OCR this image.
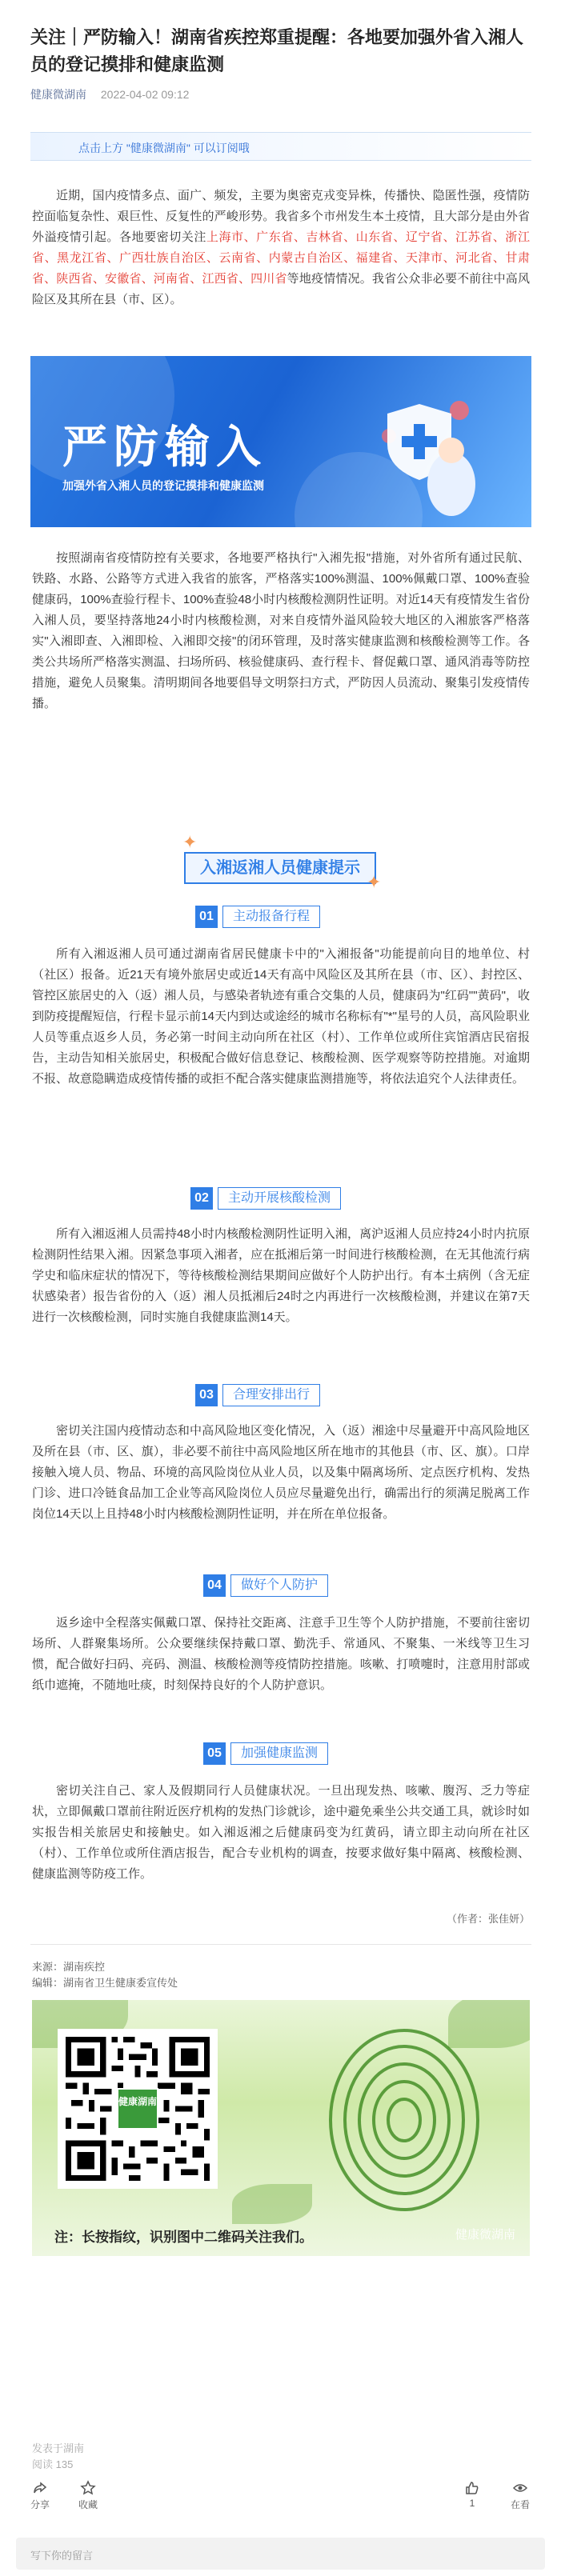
关注｜严防输入！湖南省疾控郑重提醒：各地要加强外省入湘人员的登记摸排和健康监测
健康微湖南 2022-04-02 09:12
点击上方 "健康微湖南" 可以订阅哦

近期，国内疫情多点、面广、频发，主要为奥密克戎变异株，传播快、隐匿性强，疫情防控面临复杂性、艰巨性、反复性的严峻形势。我省多个市州发生本土疫情，且大部分是由外省外溢疫情引起。各地要密切关注上海市、广东省、吉林省、山东省、辽宁省、江苏省、浙江省、黑龙江省、广西壮族自治区、云南省、内蒙古自治区、福建省、天津市、河北省、甘肃省、陕西省、安徽省、河南省、江西省、四川省等地疫情情况。我省公众非必要不前往中高风险区及其所在县（市、区）。

严防输入
加强外省入湘人员的登记摸排和健康监测

按照湖南省疫情防控有关要求，各地要严格执行"入湘先报"措施，对外省所有通过民航、铁路、水路、公路等方式进入我省的旅客，严格落实100%测温、100%佩戴口罩、100%查验健康码，100%查验行程卡、100%查验48小时内核酸检测阴性证明。对近14天有疫情发生省份入湘人员，要坚持落地24小时内核酸检测，对来自疫情外溢风险较大地区的入湘旅客严格落实"入湘即查、入湘即检、入湘即交接"的闭环管理，及时落实健康监测和核酸检测等工作。各类公共场所严格落实测温、扫场所码、核验健康码、查行程卡、督促戴口罩、通风消毒等防控措施，避免人员聚集。清明期间各地要倡导文明祭扫方式，严防因人员流动、聚集引发疫情传播。

✦
入湘返湘人员健康提示
✦
01	主动报备行程

所有入湘返湘人员可通过湖南省居民健康卡中的"入湘报备"功能提前向目的地单位、村（社区）报备。近21天有境外旅居史或近14天有高中风险区及其所在县（市、区）、封控区、管控区旅居史的入（返）湘人员，与感染者轨迹有重合交集的人员，健康码为"红码""黄码"，收到防疫提醒短信，行程卡显示前14天内到达或途经的城市名称标有"*"星号的人员，高风险职业人员等重点返乡人员，务必第一时间主动向所在社区（村）、工作单位或所住宾馆酒店民宿报告，主动告知相关旅居史，积极配合做好信息登记、核酸检测、医学观察等防控措施。对逾期不报、故意隐瞒造成疫情传播的或拒不配合落实健康监测措施等，将依法追究个人法律责任。

02	主动开展核酸检测

所有入湘返湘人员需持48小时内核酸检测阴性证明入湘，离沪返湘人员应持24小时内抗原检测阴性结果入湘。因紧急事项入湘者，应在抵湘后第一时间进行核酸检测，在无其他流行病学史和临床症状的情况下，等待核酸检测结果期间应做好个人防护出行。有本土病例（含无症状感染者）报告省份的入（返）湘人员抵湘后24时之内再进行一次核酸检测，并建议在第7天进行一次核酸检测，同时实施自我健康监测14天。

03	合理安排出行

密切关注国内疫情动态和中高风险地区变化情况，入（返）湘途中尽量避开中高风险地区及所在县（市、区、旗），非必要不前往中高风险地区所在地市的其他县（市、区、旗）。口岸接触入境人员、物品、环境的高风险岗位从业人员，以及集中隔离场所、定点医疗机构、发热门诊、进口冷链食品加工企业等高风险岗位人员应尽量避免出行，确需出行的须满足脱离工作岗位14天以上且持48小时内核酸检测阴性证明，并在所在单位报备。

04	做好个人防护

返乡途中全程落实佩戴口罩、保持社交距离、注意手卫生等个人防护措施，不要前往密切场所、人群聚集场所。公众要继续保持戴口罩、勤洗手、常通风、不聚集、一米线等卫生习惯，配合做好扫码、亮码、测温、核酸检测等疫情防控措施。咳嗽、打喷嚏时，注意用肘部或纸巾遮掩，不随地吐痰，时刻保持良好的个人防护意识。

05	加强健康监测

密切关注自己、家人及假期同行人员健康状况。一旦出现发热、咳嗽、腹泻、乏力等症状，立即佩戴口罩前往附近医疗机构的发热门诊就诊，途中避免乘坐公共交通工具，就诊时如实报告相关旅居史和接触史。如入湘返湘之后健康码变为红黄码，请立即主动向所在社区（村）、工作单位或所住酒店报告，配合专业机构的调查，按要求做好集中隔离、核酸检测、健康监测等防疫工作。

（作者：张佳妍）
来源：湖南疾控
编辑：湖南省卫生健康委宣传处
健康湖南
注：长按指纹，识别图中二维码关注我们。	健康微湖南
发表于湖南
阅读 135
分享	收藏	1	在看
写下你的留言
